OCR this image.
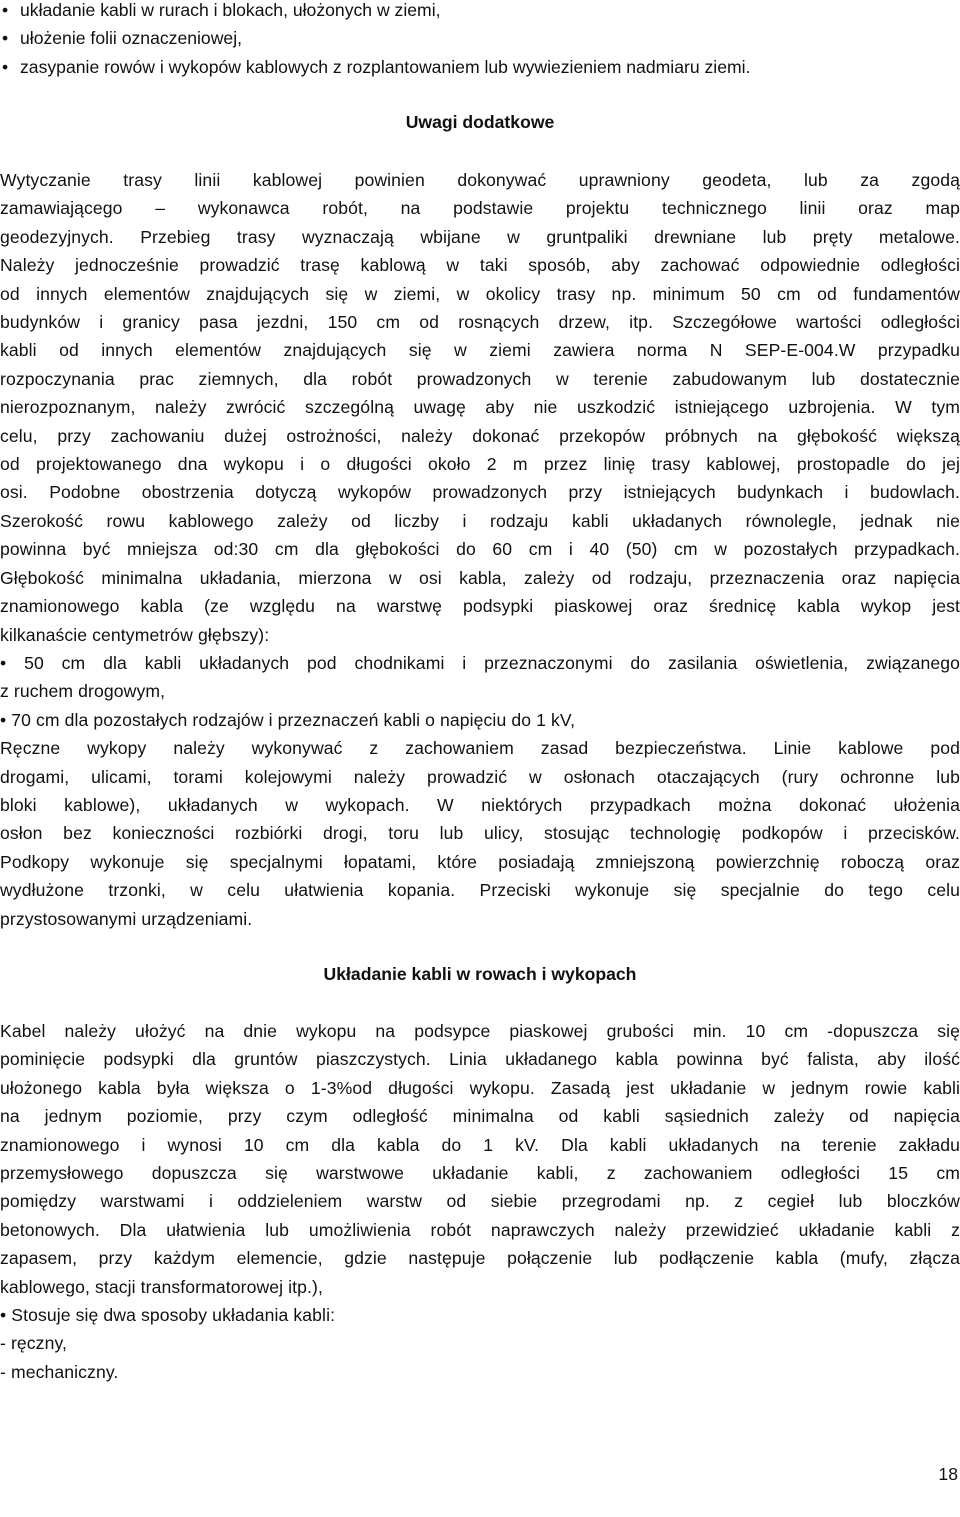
• układanie kabli w rurach i blokach, ułożonych w ziemi,
• ułożenie folii oznaczeniowej,
• zasypanie rowów i wykopów kablowych z rozplantowaniem lub wywiezieniem nadmiaru ziemi.
Uwagi dodatkowe
Wytyczanie trasy linii kablowej powinien dokonywać uprawniony geodeta, lub za zgodą
zamawiającego – wykonawca robót, na podstawie projektu technicznego linii oraz map
geodezyjnych. Przebieg trasy wyznaczają wbijane w gruntpaliki drewniane lub pręty metalowe.
Należy jednocześnie prowadzić trasę kablową w taki sposób, aby zachować odpowiednie odległości
od innych elementów znajdujących się w ziemi, w okolicy trasy np. minimum 50 cm od fundamentów
budynków i granicy pasa jezdni, 150 cm od rosnących drzew, itp. Szczegółowe wartości odległości
kabli od innych elementów znajdujących się w ziemi zawiera norma N SEP-E-004.W przypadku
rozpoczynania prac ziemnych, dla robót prowadzonych w terenie zabudowanym lub dostatecznie
nierozpoznanym, należy zwrócić szczególną uwagę aby nie uszkodzić istniejącego uzbrojenia. W tym
celu, przy zachowaniu dużej ostrożności, należy dokonać przekopów próbnych na głębokość większą
od projektowanego dna wykopu i o długości około 2 m przez linię trasy kablowej, prostopadle do jej
osi. Podobne obostrzenia dotyczą wykopów prowadzonych przy istniejących budynkach i budowlach.
Szerokość rowu kablowego zależy od liczby i rodzaju kabli układanych równolegle, jednak nie
powinna być mniejsza od:30 cm dla głębokości do 60 cm i 40 (50) cm w pozostałych przypadkach.
Głębokość minimalna układania, mierzona w osi kabla, zależy od rodzaju, przeznaczenia oraz napięcia
znamionowego kabla (ze względu na warstwę podsypki piaskowej oraz średnicę kabla wykop jest
kilkanaście centymetrów głębszy):
• 50 cm dla kabli układanych pod chodnikami i przeznaczonymi do zasilania oświetlenia, związanego
z ruchem drogowym,
• 70 cm dla pozostałych rodzajów i przeznaczeń kabli o napięciu do 1 kV,
Ręczne wykopy należy wykonywać z zachowaniem zasad bezpieczeństwa. Linie kablowe pod
drogami, ulicami, torami kolejowymi należy prowadzić w osłonach otaczających (rury ochronne lub
bloki kablowe), układanych w wykopach. W niektórych przypadkach można dokonać ułożenia
osłon bez konieczności rozbiórki drogi, toru lub ulicy, stosując technologię podkopów i przecisków.
Podkopy wykonuje się specjalnymi łopatami, które posiadają zmniejszoną powierzchnię roboczą oraz
wydłużone trzonki, w celu ułatwienia kopania. Przeciski wykonuje się specjalnie do tego celu
przystosowanymi urządzeniami.
Układanie kabli w rowach i wykopach
Kabel należy ułożyć na dnie wykopu na podsypce piaskowej grubości min. 10 cm -dopuszcza się
pominięcie podsypki dla gruntów piaszczystych. Linia układanego kabla powinna być falista, aby ilość
ułożonego kabla była większa o 1-3%od długości wykopu. Zasadą jest układanie w jednym rowie kabli
na jednym poziomie, przy czym odległość minimalna od kabli sąsiednich zależy od napięcia
znamionowego i wynosi 10 cm dla kabla do 1 kV. Dla kabli układanych na terenie zakładu
przemysłowego dopuszcza się warstwowe układanie kabli, z zachowaniem odległości 15 cm
pomiędzy warstwami i oddzieleniem warstw od siebie przegrodami np. z cegieł lub bloczków
betonowych. Dla ułatwienia lub umożliwienia robót naprawczych należy przewidzieć układanie kabli z
zapasem, przy każdym elemencie, gdzie następuje połączenie lub podłączenie kabla (mufy, złącza
kablowego, stacji transformatorowej itp.),
• Stosuje się dwa sposoby układania kabli:
- ręczny,
- mechaniczny.
18
